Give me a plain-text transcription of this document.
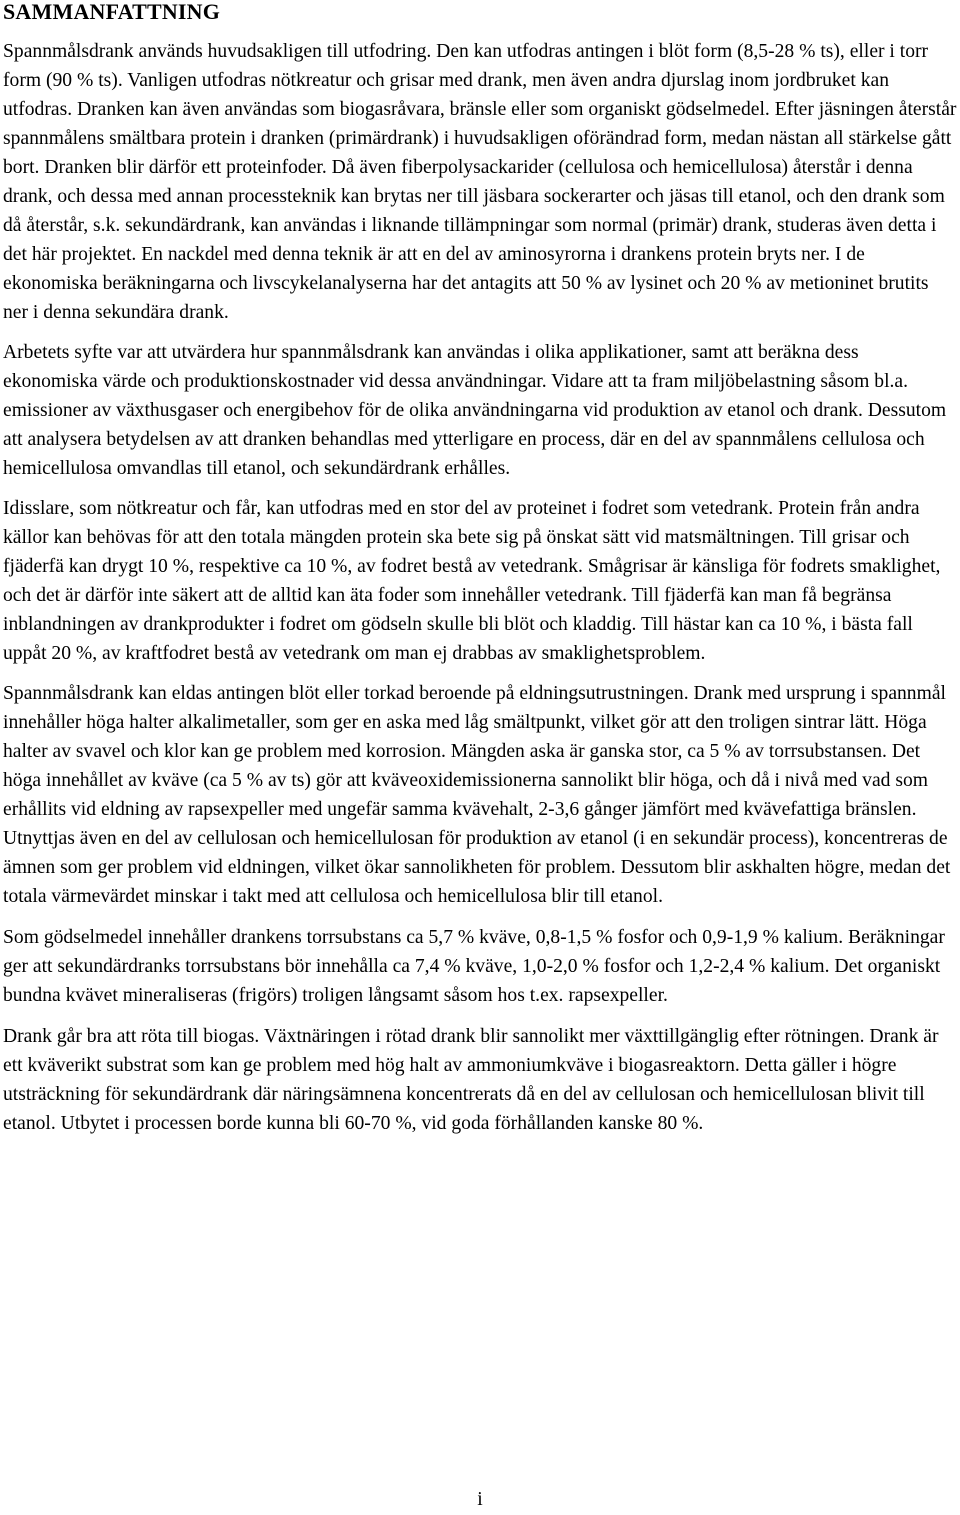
SAMMANFATTNING

Spannmålsdrank används huvudsakligen till utfodring. Den kan utfodras antingen i blöt form (8,5-28 % ts), eller i torr form (90 % ts). Vanligen utfodras nötkreatur och grisar med drank, men även andra djurslag inom jordbruket kan utfodras. Dranken kan även användas som biogasråvara, bränsle eller som organiskt gödselmedel. Efter jäsningen återstår spannmålens smältbara protein i dranken (primärdrank) i huvudsakligen oförändrad form, medan nästan all stärkelse gått bort. Dranken blir därför ett proteinfoder. Då även fiberpolysackarider (cellulosa och hemicellulosa) återstår i denna drank, och dessa med annan processteknik kan brytas ner till jäsbara sockerarter och jäsas till etanol, och den drank som då återstår, s.k. sekundärdrank, kan användas i liknande tillämpningar som normal (primär) drank, studeras även detta i det här projektet. En nackdel med denna teknik är att en del av aminosyrorna i drankens protein bryts ner. I de ekonomiska beräkningarna och livscykelanalyserna har det antagits att 50 % av lysinet och 20 % av metioninet brutits ner i denna sekundära drank.

Arbetets syfte var att utvärdera hur spannmålsdrank kan användas i olika applikationer, samt att beräkna dess ekonomiska värde och produktionskostnader vid dessa användningar. Vidare att ta fram miljöbelastning såsom bl.a. emissioner av växthusgaser och energibehov för de olika användningarna vid produktion av etanol och drank. Dessutom att analysera betydelsen av att dranken behandlas med ytterligare en process, där en del av spannmålens cellulosa och hemicellulosa omvandlas till etanol, och sekundärdrank erhålles.

Idisslare, som nötkreatur och får, kan utfodras med en stor del av proteinet i fodret som vetedrank. Protein från andra källor kan behövas för att den totala mängden protein ska bete sig på önskat sätt vid matsmältningen. Till grisar och fjäderfä kan drygt 10 %, respektive ca 10 %, av fodret bestå av vetedrank. Smågrisar är känsliga för fodrets smaklighet, och det är därför inte säkert att de alltid kan äta foder som innehåller vetedrank. Till fjäderfä kan man få begränsa inblandningen av drankprodukter i fodret om gödseln skulle bli blöt och kladdig. Till hästar kan ca 10 %, i bästa fall uppåt 20 %, av kraftfodret bestå av vetedrank om man ej drabbas av smaklighetsproblem.

Spannmålsdrank kan eldas antingen blöt eller torkad beroende på eldningsutrustningen. Drank med ursprung i spannmål innehåller höga halter alkalimetaller, som ger en aska med låg smältpunkt, vilket gör att den troligen sintrar lätt. Höga halter av svavel och klor kan ge problem med korrosion. Mängden aska är ganska stor, ca 5 % av torrsubstansen. Det höga innehållet av kväve (ca 5 % av ts) gör att kväveoxidemissionerna sannolikt blir höga, och då i nivå med vad som erhållits vid eldning av rapsexpeller med ungefär samma kvävehalt, 2-3,6 gånger jämfört med kvävefattiga bränslen. Utnyttjas även en del av cellulosan och hemicellulosan för produktion av etanol (i en sekundär process), koncentreras de ämnen som ger problem vid eldningen, vilket ökar sannolikheten för problem. Dessutom blir askhalten högre, medan det totala värmevärdet minskar i takt med att cellulosa och hemicellulosa blir till etanol.

Som gödselmedel innehåller drankens torrsubstans ca 5,7 % kväve, 0,8-1,5 % fosfor och 0,9-1,9 % kalium. Beräkningar ger att sekundärdranks torrsubstans bör innehålla ca 7,4 % kväve, 1,0-2,0 % fosfor och 1,2-2,4 % kalium. Det organiskt bundna kvävet mineraliseras (frigörs) troligen långsamt såsom hos t.ex. rapsexpeller.

Drank går bra att röta till biogas. Växtnäringen i rötad drank blir sannolikt mer växttillgänglig efter rötningen. Drank är ett kväverikt substrat som kan ge problem med hög halt av ammoniumkväve i biogasreaktorn. Detta gäller i högre utsträckning för sekundärdrank där näringsämnena koncentrerats då en del av cellulosan och hemicellulosan blivit till etanol. Utbytet i processen borde kunna bli 60-70 %, vid goda förhållanden kanske 80 %.

i
